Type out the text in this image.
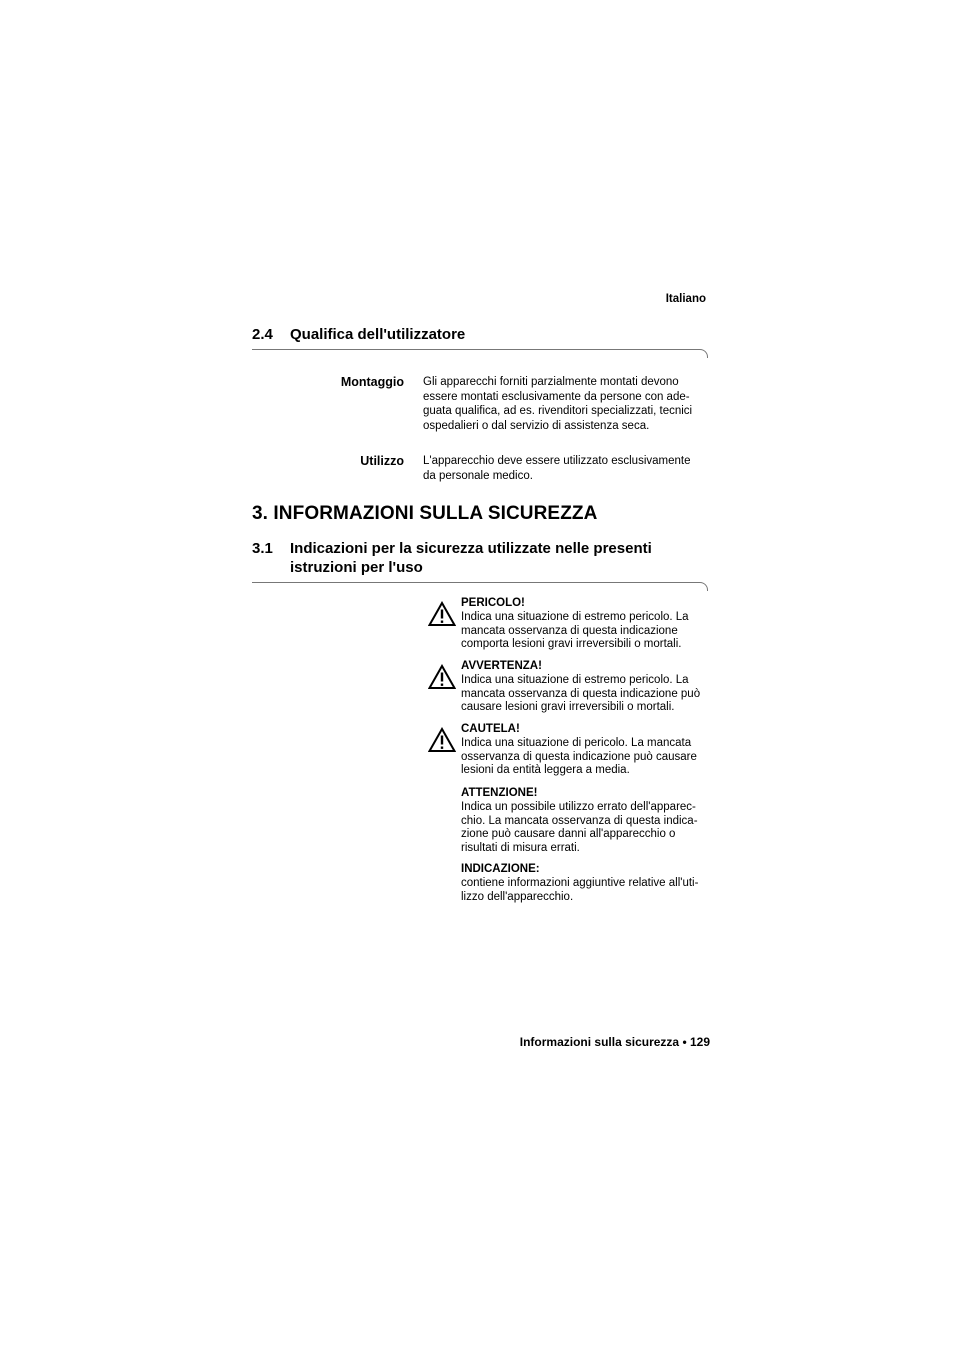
Italiano
2.4 Qualifica dell'utilizzatore
Montaggio Gli apparecchi forniti parzialmente montati devono
essere montati esclusivamente da persone con ade-
guata qualifica, ad es. rivenditori specializzati, tecnici
ospedalieri o dal servizio di assistenza seca.
Utilizzo L'apparecchio deve essere utilizzato esclusivamente
da personale medico.
3. INFORMAZIONI SULLA SICUREZZA
3.1 Indicazioni per la sicurezza utilizzate nelle presenti
istruzioni per l'uso
PERICOLO!
Indica una situazione di estremo pericolo. La
mancata osservanza di questa indicazione
comporta lesioni gravi irreversibili o mortali.
AVVERTENZA!
Indica una situazione di estremo pericolo. La
mancata osservanza di questa indicazione può
causare lesioni gravi irreversibili o mortali.
CAUTELA!
Indica una situazione di pericolo. La mancata
osservanza di questa indicazione può causare
lesioni da entità leggera a media.
ATTENZIONE!
Indica un possibile utilizzo errato dell'apparec-
chio. La mancata osservanza di questa indica-
zione può causare danni all'apparecchio o
risultati di misura errati.
INDICAZIONE:
contiene informazioni aggiuntive relative all'uti-
lizzo dell'apparecchio.
Informazioni sulla sicurezza • 129
